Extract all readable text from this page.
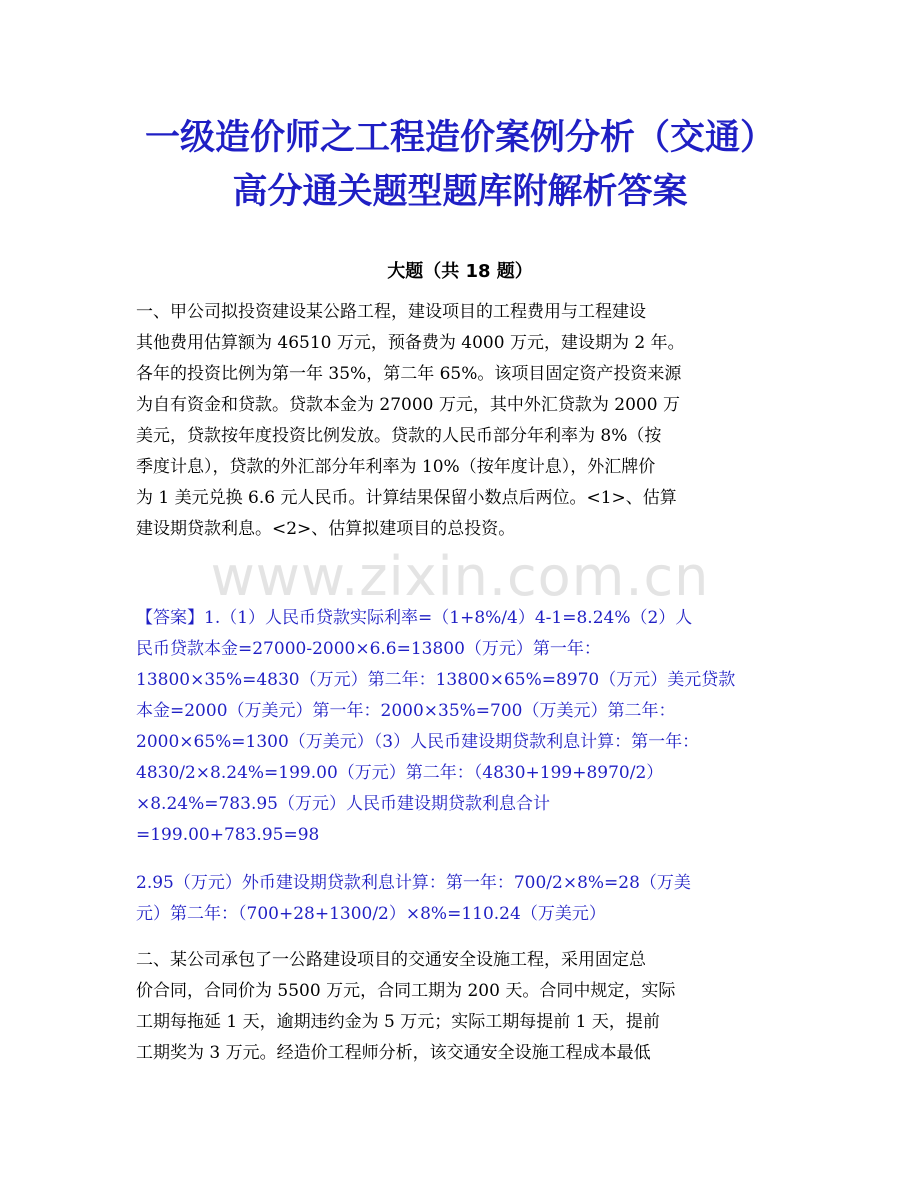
一级造价师之工程造价案例分析（交通）
高分通关题型题库附解析答案
大题（共 18 题）
一、甲公司拟投资建设某公路工程，建设项目的工程费用与工程建设
其他费用估算额为 46510 万元，预备费为 4000 万元，建设期为 2 年。
各年的投资比例为第一年 35%，第二年 65%。该项目固定资产投资来源
为自有资金和贷款。贷款本金为 27000 万元，其中外汇贷款为 2000 万
美元，贷款按年度投资比例发放。贷款的人民币部分年利率为 8%（按
季度计息），贷款的外汇部分年利率为 10%（按年度计息），外汇牌价
为 1 美元兑换 6.6 元人民币。计算结果保留小数点后两位。<1>、估算
建设期贷款利息。<2>、估算拟建项目的总投资。
www.zixin.com.cn
【答案】1.（1）人民币贷款实际利率=（1+8%/4）4-1=8.24%（2）人
民币贷款本金=27000-2000×6.6=13800（万元）第一年：
13800×35%=4830（万元）第二年：13800×65%=8970（万元）美元贷款
本金=2000（万美元）第一年：2000×35%=700（万美元）第二年：
2000×65%=1300（万美元）（3）人民币建设期贷款利息计算：第一年：
4830/2×8.24%=199.00（万元）第二年：（4830+199+8970/2）
×8.24%=783.95（万元）人民币建设期贷款利息合计
=199.00+783.95=98
2.95（万元）外币建设期贷款利息计算：第一年：700/2×8%=28（万美
元）第二年：（700+28+1300/2）×8%=110.24（万美元）
二、某公司承包了一公路建设项目的交通安全设施工程，采用固定总
价合同，合同价为 5500 万元，合同工期为 200 天。合同中规定，实际
工期每拖延 1 天，逾期违约金为 5 万元；实际工期每提前 1 天，提前
工期奖为 3 万元。经造价工程师分析，该交通安全设施工程成本最低
